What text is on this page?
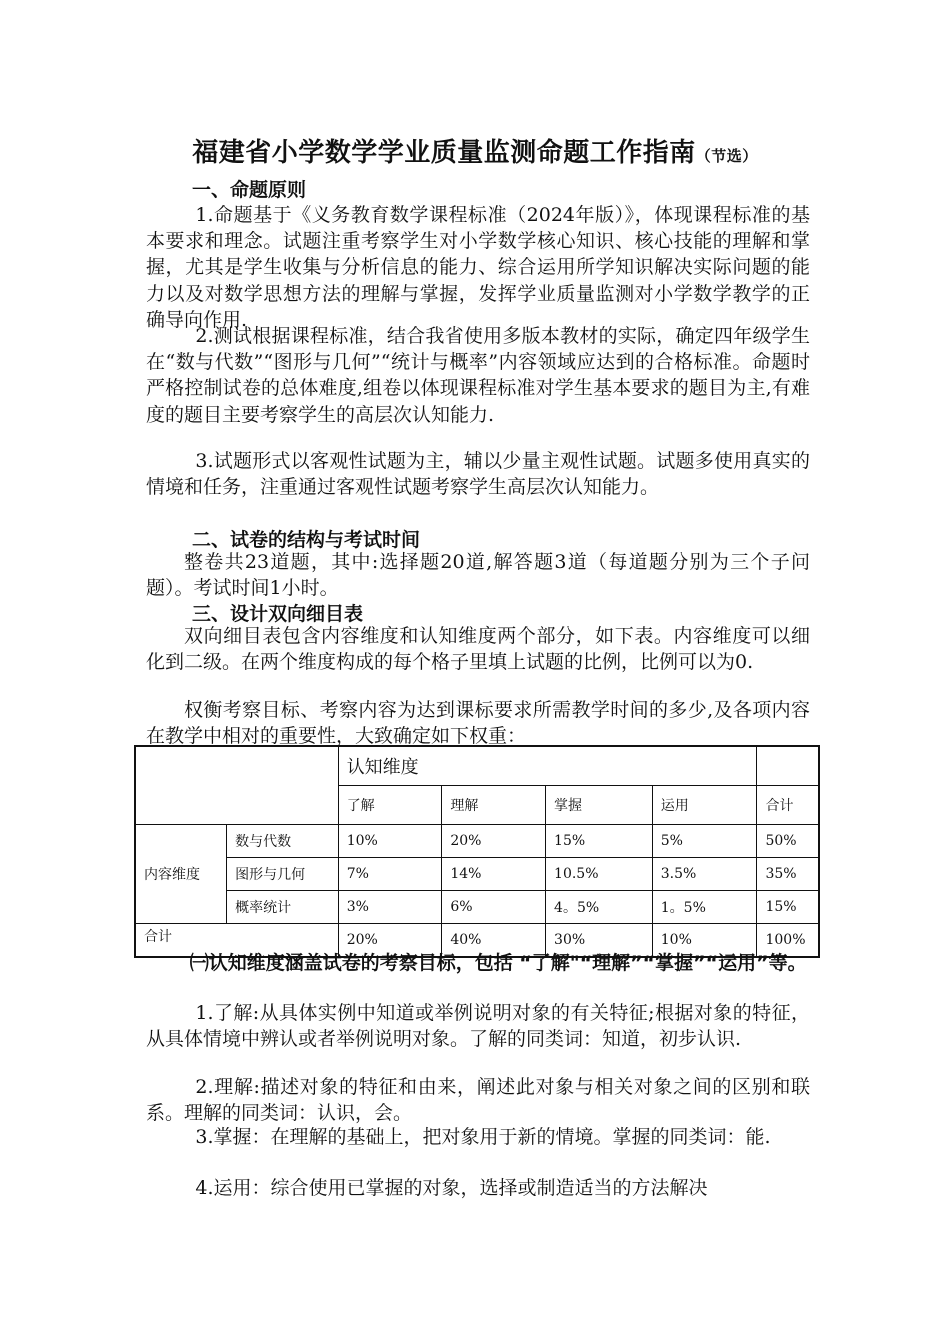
福建省小学数学学业质量监测命题工作指南（节选）
一、命题原则
1.命题基于《义务教育数学课程标准（2024年版）》，体现课程标准的基本要求和理念。试题注重考察学生对小学数学核心知识、核心技能的理解和掌握，尤其是学生收集与分析信息的能力、综合运用所学知识解决实际问题的能力以及对数学思想方法的理解与掌握，发挥学业质量监测对小学数学教学的正确导向作用.
2.测试根据课程标准，结合我省使用多版本教材的实际，确定四年级学生在“数与代数”“图形与几何”“统计与概率”内容领域应达到的合格标准。命题时严格控制试卷的总体难度,组卷以体现课程标准对学生基本要求的题目为主,有难度的题目主要考察学生的高层次认知能力.
3.试题形式以客观性试题为主，辅以少量主观性试题。试题多使用真实的情境和任务，注重通过客观性试题考察学生高层次认知能力。
二、试卷的结构与考试时间
整卷共23道题，其中:选择题20道,解答题3道（每道题分别为三个子问题）。考试时间1小时。
三、设计双向细目表
双向细目表包含内容维度和认知维度两个部分，如下表。内容维度可以细化到二级。在两个维度构成的每个格子里填上试题的比例，比例可以为0.
权衡考察目标、考察内容为达到课标要求所需教学时间的多少,及各项内容在教学中相对的重要性，大致确定如下权重：
		认知维度				
		了解	理解	掌握	运用	合计
内容维度	数与代数	10%	20%	15%	5%	50%
	图形与几何	7%	14%	10.5%	3.5%	35%
	概率统计	3%	6%	4。5%	1。5%	15%
合计		20%	40%	30%	10%	100%
㈠认知维度涵盖试卷的考察目标，包括 “了解"“理解”“掌握”“运用”等。
1.了解:从具体实例中知道或举例说明对象的有关特征;根据对象的特征，从具体情境中辨认或者举例说明对象。了解的同类词：知道，初步认识.
2.理解:描述对象的特征和由来，阐述此对象与相关对象之间的区别和联系。理解的同类词：认识，会。
3.掌握：在理解的基础上，把对象用于新的情境。掌握的同类词：能.
4.运用：综合使用已掌握的对象，选择或制造适当的方法解决
